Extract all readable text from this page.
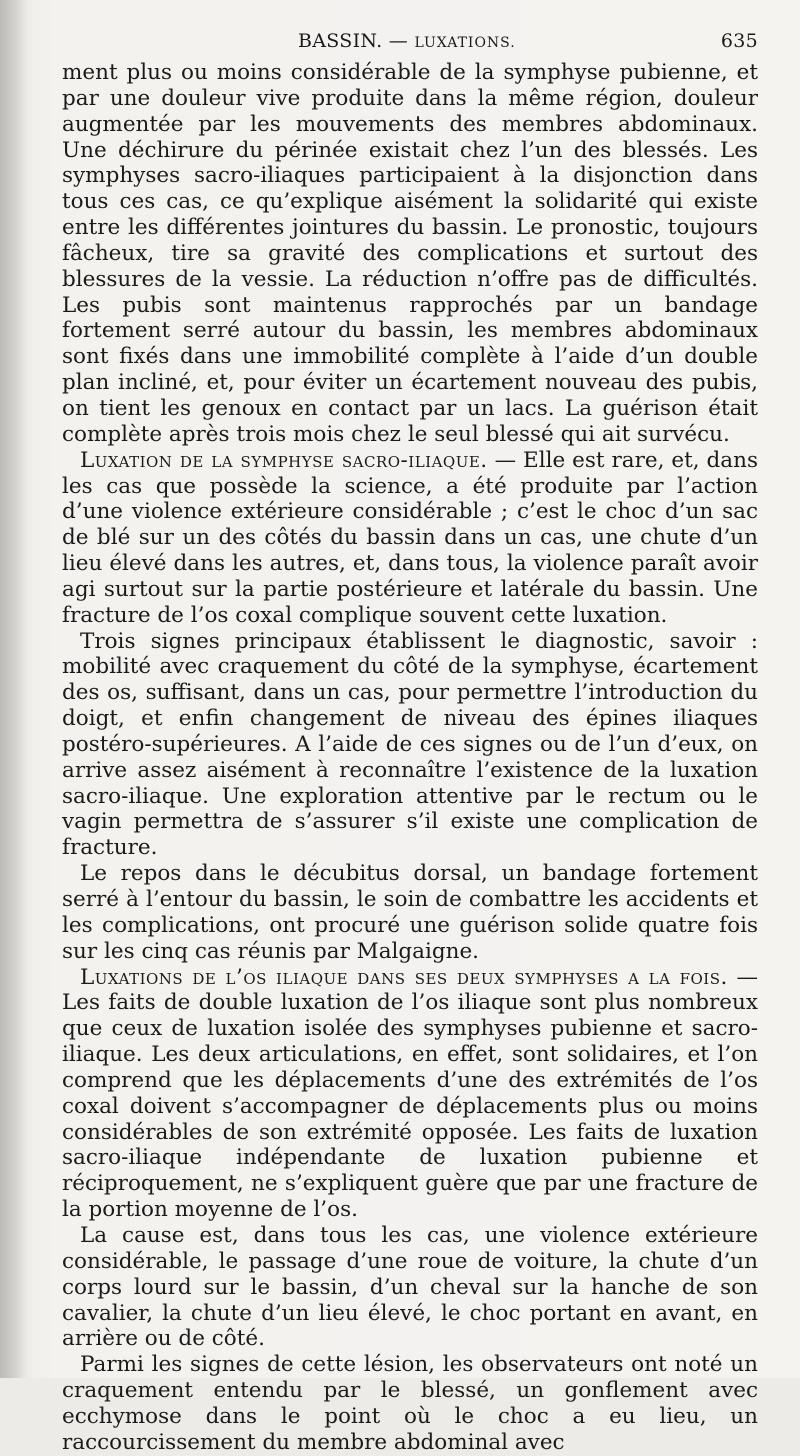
BASSIN. — LUXATIONS.	635

ment plus ou moins considérable de la symphyse pubienne, et par une douleur vive produite dans la même région, douleur augmentée par les mouvements des membres abdominaux. Une déchirure du périnée existait chez l’un des blessés. Les symphyses sacro-iliaques participaient à la disjonction dans tous ces cas, ce qu’explique aisément la solidarité qui existe entre les différentes jointures du bassin. Le pronostic, toujours fâcheux, tire sa gravité des complications et surtout des blessures de la vessie. La réduction n’offre pas de difficultés. Les pubis sont maintenus rapprochés par un bandage fortement serré autour du bassin, les membres abdominaux sont fixés dans une immobilité complète à l’aide d’un double plan incliné, et, pour éviter un écartement nouveau des pubis, on tient les genoux en contact par un lacs. La guérison était complète après trois mois chez le seul blessé qui ait survécu.

Luxation de la symphyse sacro-iliaque. — Elle est rare, et, dans les cas que possède la science, a été produite par l’action d’une violence extérieure considérable ; c’est le choc d’un sac de blé sur un des côtés du bassin dans un cas, une chute d’un lieu élevé dans les autres, et, dans tous, la violence paraît avoir agi surtout sur la partie postérieure et latérale du bassin. Une fracture de l’os coxal complique souvent cette luxation.

Trois signes principaux établissent le diagnostic, savoir : mobilité avec craquement du côté de la symphyse, écartement des os, suffisant, dans un cas, pour permettre l’introduction du doigt, et enfin changement de niveau des épines iliaques postéro-supérieures. A l’aide de ces signes ou de l’un d’eux, on arrive assez aisément à reconnaître l’existence de la luxation sacro-iliaque. Une exploration attentive par le rectum ou le vagin permettra de s’assurer s’il existe une complication de fracture.

Le repos dans le décubitus dorsal, un bandage fortement serré à l’entour du bassin, le soin de combattre les accidents et les complications, ont procuré une guérison solide quatre fois sur les cinq cas réunis par Malgaigne.

Luxations de l’os iliaque dans ses deux symphyses a la fois. — Les faits de double luxation de l’os iliaque sont plus nombreux que ceux de luxation isolée des symphyses pubienne et sacro-iliaque. Les deux articulations, en effet, sont solidaires, et l’on comprend que les déplacements d’une des extrémités de l’os coxal doivent s’accompagner de déplacements plus ou moins considérables de son extrémité opposée. Les faits de luxation sacro-iliaque indépendante de luxation pubienne et réciproquement, ne s’expliquent guère que par une fracture de la portion moyenne de l’os.

La cause est, dans tous les cas, une violence extérieure considérable, le passage d’une roue de voiture, la chute d’un corps lourd sur le bassin, d’un cheval sur la hanche de son cavalier, la chute d’un lieu élevé, le choc portant en avant, en arrière ou de côté.

Parmi les signes de cette lésion, les observateurs ont noté un craquement entendu par le blessé, un gonflement avec ecchymose dans le point où le choc a eu lieu, un raccourcissement du membre abdominal avec
